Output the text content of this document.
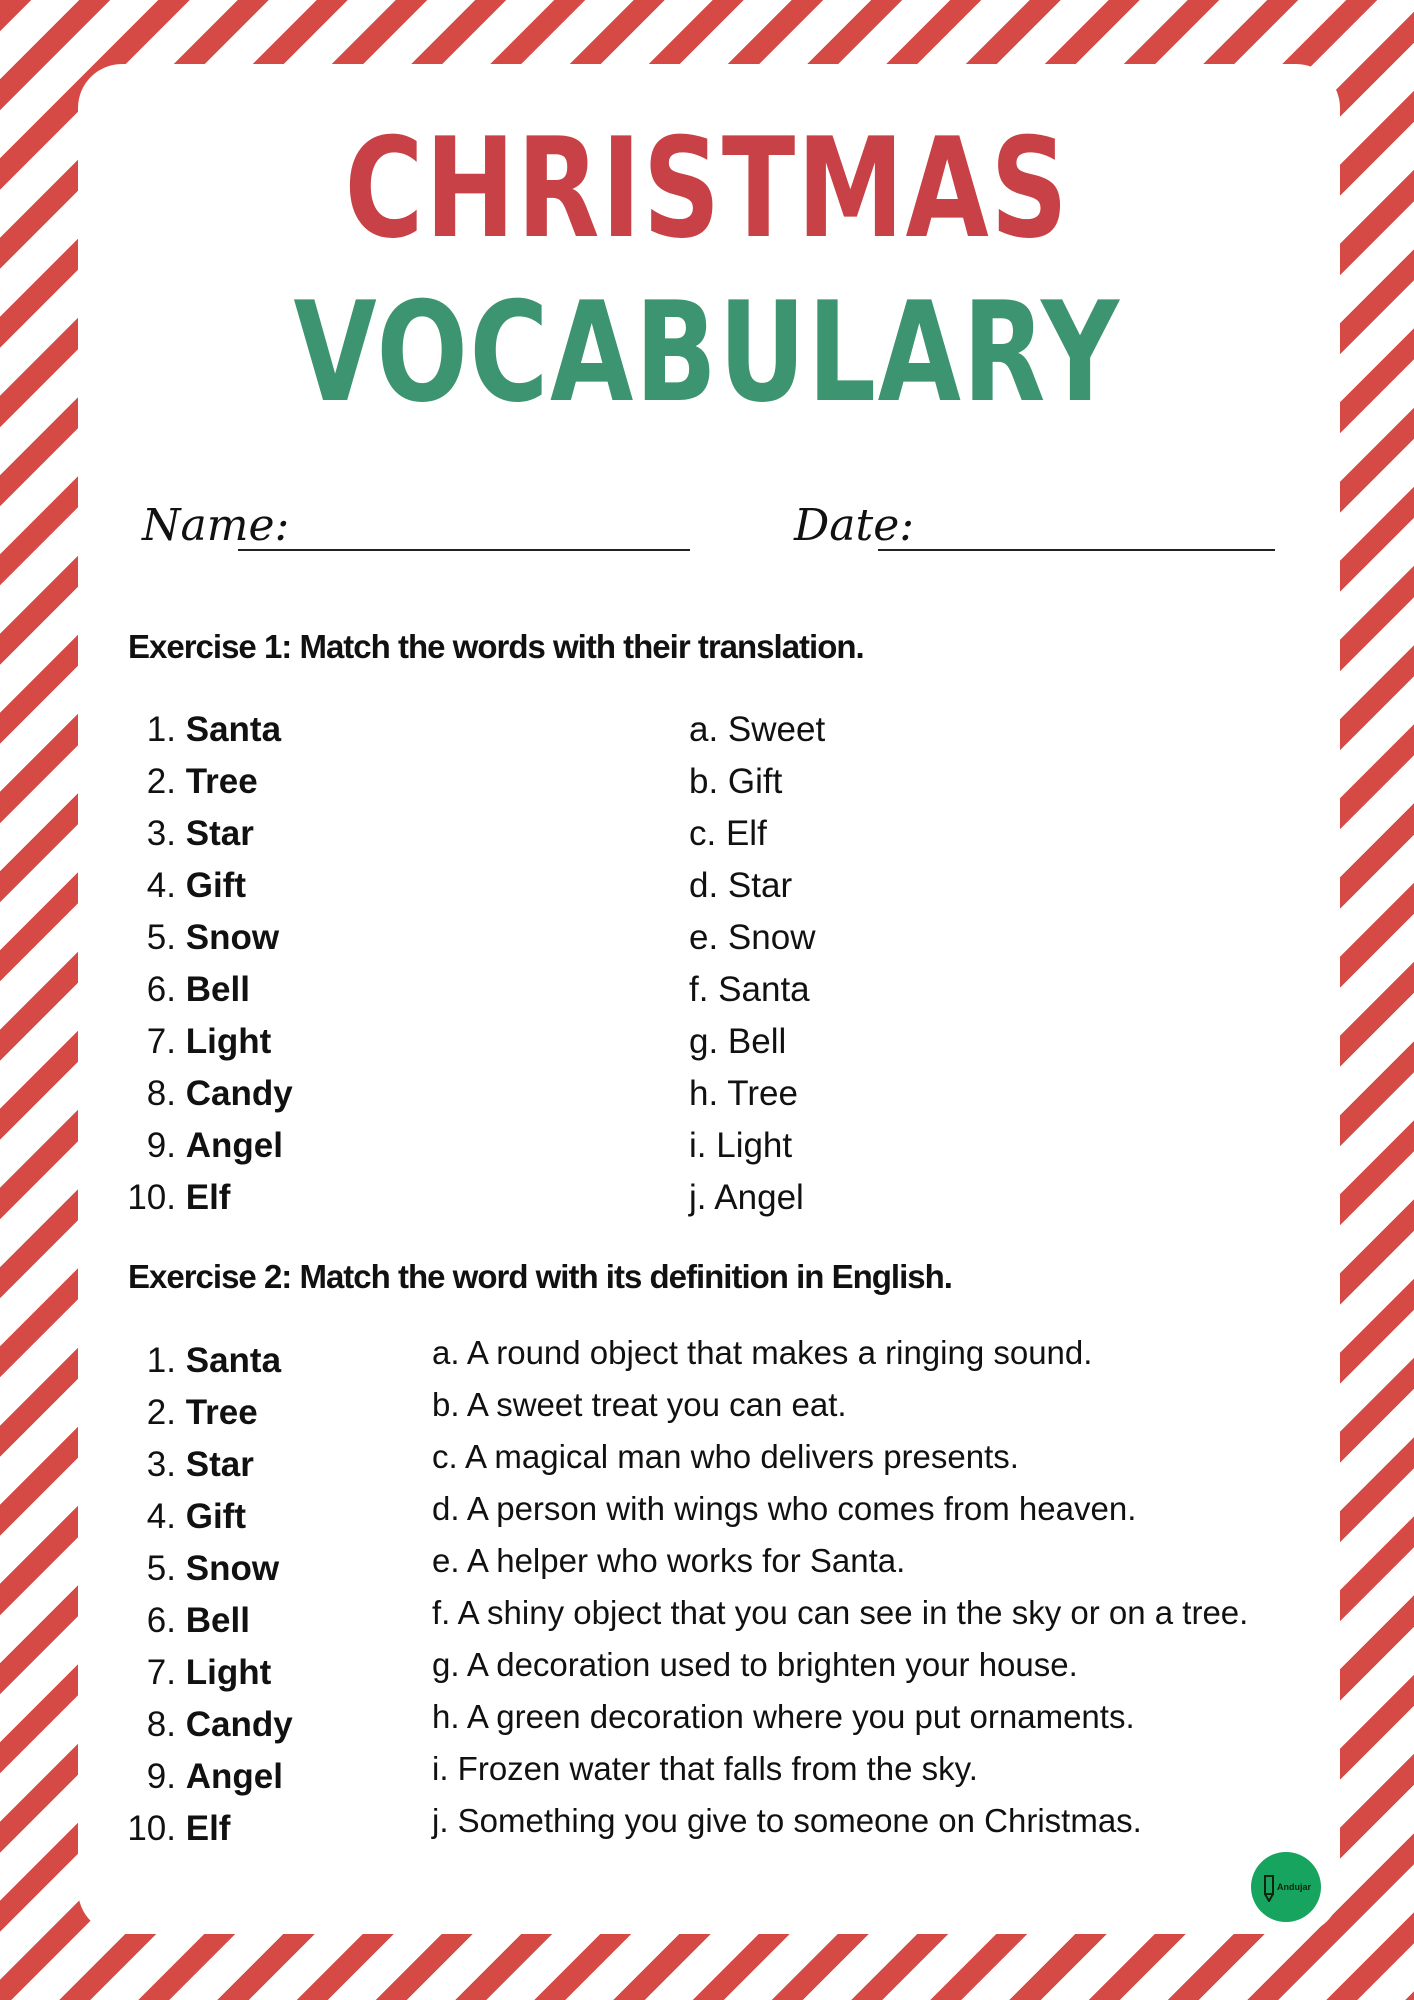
CHRISTMAS
VOCABULARY
Name:	Date:
Exercise 1: Match the words with their translation.
1. Santa
2. Tree
3. Star
4. Gift
5. Snow
6. Bell
7. Light
8. Candy
9. Angel
10. Elf
a. Sweet
b. Gift
c. Elf
d. Star
e. Snow
f. Santa
g. Bell
h. Tree
i. Light
j. Angel
Exercise 2: Match the word with its definition in English.
1. Santa
2. Tree
3. Star
4. Gift
5. Snow
6. Bell
7. Light
8. Candy
9. Angel
10. Elf
a. A round object that makes a ringing sound.
b. A sweet treat you can eat.
c. A magical man who delivers presents.
d. A person with wings who comes from heaven.
e. A helper who works for Santa.
f. A shiny object that you can see in the sky or on a tree.
g. A decoration used to brighten your house.
h. A green decoration where you put ornaments.
i. Frozen water that falls from the sky.
j. Something you give to someone on Christmas.
Andujar
